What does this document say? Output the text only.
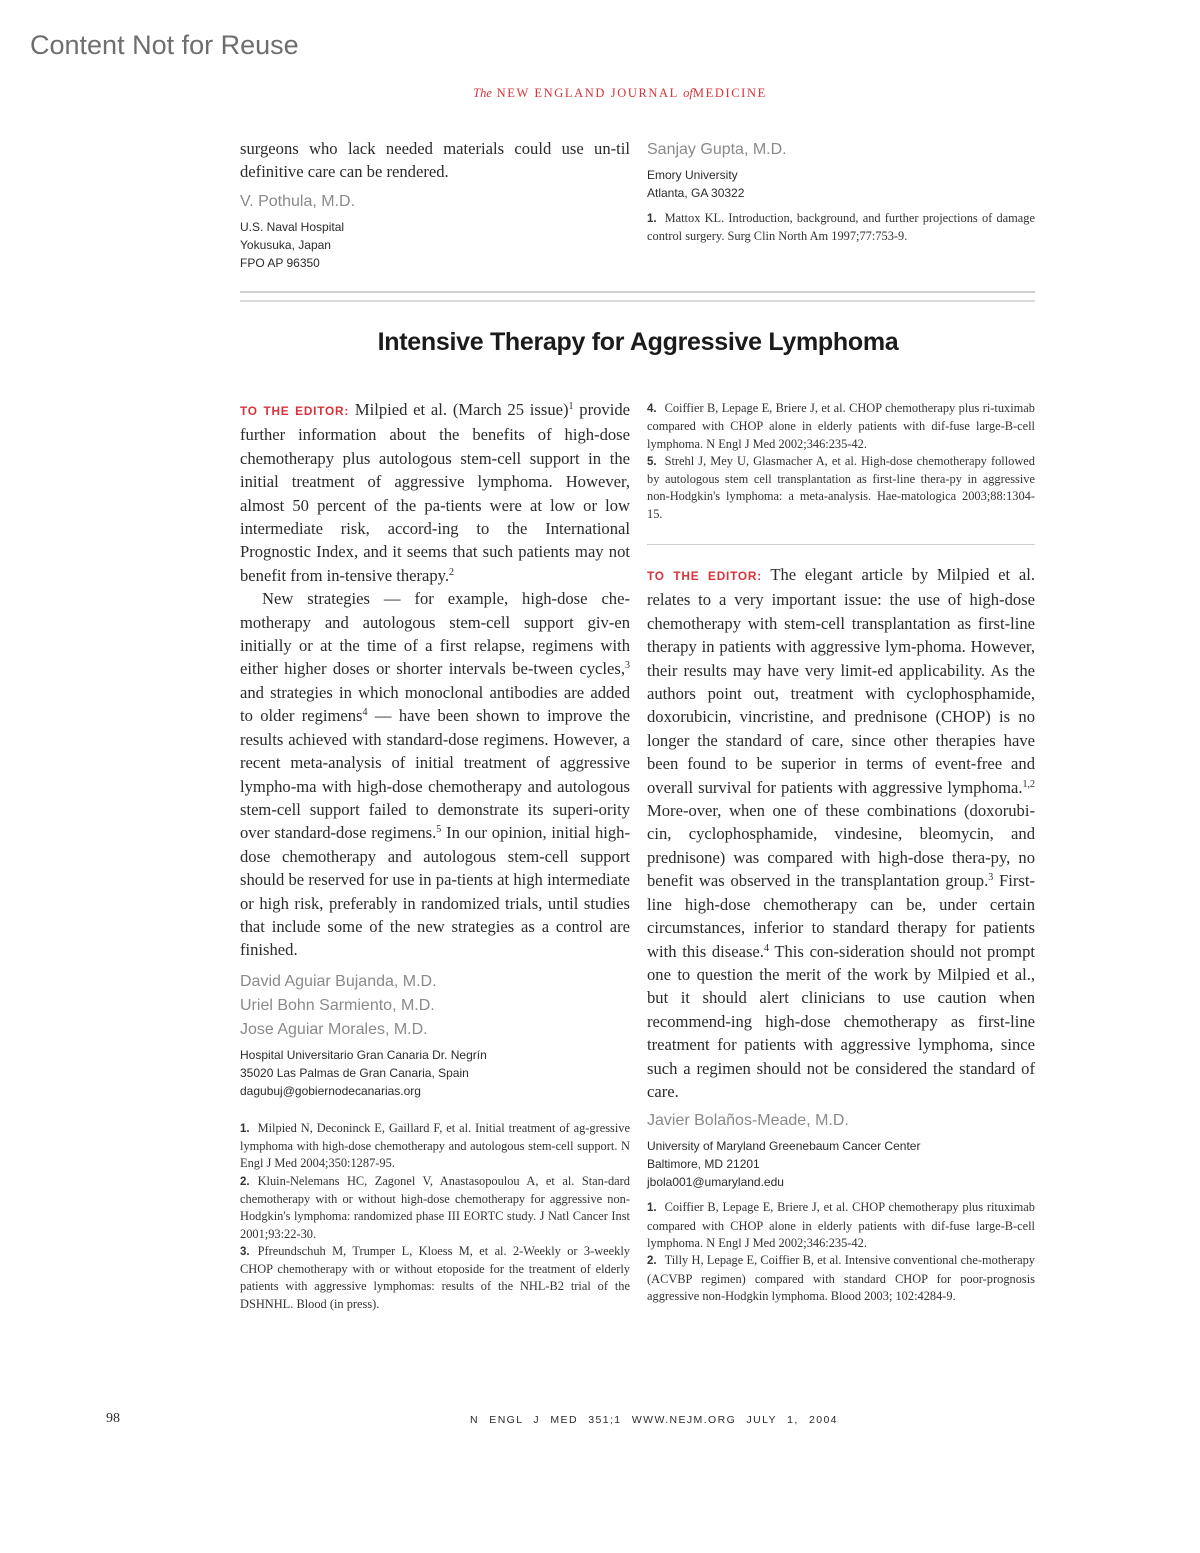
Content Not for Reuse
The NEW ENGLAND JOURNAL ofMEDICINE

surgeons who lack needed materials could use un-til definitive care can be rendered.

V. Pothula, M.D.

U.S. Naval Hospital

Yokusuka, Japan

FPO AP 96350

Sanjay Gupta, M.D.

Emory University

Atlanta, GA 30322

1. Mattox KL. Introduction, background, and further projections of damage control surgery. Surg Clin North Am 1997;77:753-9.

Intensive Therapy for Aggressive Lymphoma

TO THE EDITOR: Milpied et al. (March 25 issue)$^1$ provide further information about the benefits of high-dose chemotherapy plus autologous stem-cell support in the initial treatment of aggressive lymphoma. However, almost 50 percent of the pa-tients were at low or low intermediate risk, accord-ing to the International Prognostic Index, and it seems that such patients may not benefit from in-tensive therapy.$^2$

New strategies — for example, high-dose che-motherapy and autologous stem-cell support giv-en initially or at the time of a first relapse, regimens with either higher doses or shorter intervals be-tween cycles,$^3$ and strategies in which monoclonal antibodies are added to older regimens$^4$ — have been shown to improve the results achieved with standard-dose regimens. However, a recent meta-analysis of initial treatment of aggressive lympho-ma with high-dose chemotherapy and autologous stem-cell support failed to demonstrate its superi-ority over standard-dose regimens.$^5$ In our opinion, initial high-dose chemotherapy and autologous stem-cell support should be reserved for use in pa-tients at high intermediate or high risk, preferably in randomized trials, until studies that include some of the new strategies as a control are finished.

David Aguiar Bujanda, M.D.

Uriel Bohn Sarmiento, M.D.

Jose Aguiar Morales, M.D.

Hospital Universitario Gran Canaria Dr. Negrín

35020 Las Palmas de Gran Canaria, Spain

dagubuj@gobiernodecanarias.org

1. Milpied N, Deconinck E, Gaillard F, et al. Initial treatment of ag-gressive lymphoma with high-dose chemotherapy and autologous stem-cell support. N Engl J Med 2004;350:1287-95.

2. Kluin-Nelemans HC, Zagonel V, Anastasopoulou A, et al. Stan-dard chemotherapy with or without high-dose chemotherapy for aggressive non-Hodgkin's lymphoma: randomized phase III EORTC study. J Natl Cancer Inst 2001;93:22-30.

3. Pfreundschuh M, Trumper L, Kloess M, et al. 2-Weekly or 3-weekly CHOP chemotherapy with or without etoposide for the treatment of elderly patients with aggressive lymphomas: results of the NHL-B2 trial of the DSHNHL. Blood (in press).

4. Coiffier B, Lepage E, Briere J, et al. CHOP chemotherapy plus ri-tuximab compared with CHOP alone in elderly patients with dif-fuse large-B-cell lymphoma. N Engl J Med 2002;346:235-42.

5. Strehl J, Mey U, Glasmacher A, et al. High-dose chemotherapy followed by autologous stem cell transplantation as first-line thera-py in aggressive non-Hodgkin's lymphoma: a meta-analysis. Hae-matologica 2003;88:1304-15.

TO THE EDITOR: The elegant article by Milpied et al. relates to a very important issue: the use of high-dose chemotherapy with stem-cell transplantation as first-line therapy in patients with aggressive lym-phoma. However, their results may have very limit-ed applicability. As the authors point out, treatment with cyclophosphamide, doxorubicin, vincristine, and prednisone (CHOP) is no longer the standard of care, since other therapies have been found to be superior in terms of event-free and overall survival for patients with aggressive lymphoma.$^{1,2}$ More-over, when one of these combinations (doxorubi-cin, cyclophosphamide, vindesine, bleomycin, and prednisone) was compared with high-dose thera-py, no benefit was observed in the transplantation group.$^3$ First-line high-dose chemotherapy can be, under certain circumstances, inferior to standard therapy for patients with this disease.$^4$ This con-sideration should not prompt one to question the merit of the work by Milpied et al., but it should alert clinicians to use caution when recommend-ing high-dose chemotherapy as first-line treatment for patients with aggressive lymphoma, since such a regimen should not be considered the standard of care.

Javier Bolaños-Meade, M.D.

University of Maryland Greenebaum Cancer Center

Baltimore, MD 21201

jbola001@umaryland.edu

1. Coiffier B, Lepage E, Briere J, et al. CHOP chemotherapy plus rituximab compared with CHOP alone in elderly patients with dif-fuse large-B-cell lymphoma. N Engl J Med 2002;346:235-42.

2. Tilly H, Lepage E, Coiffier B, et al. Intensive conventional che-motherapy (ACVBP regimen) compared with standard CHOP for poor-prognosis aggressive non-Hodgkin lymphoma. Blood 2003; 102:4284-9.

98	N ENGL J MED 351;1 WWW.NEJM.ORG JULY 1, 2004
